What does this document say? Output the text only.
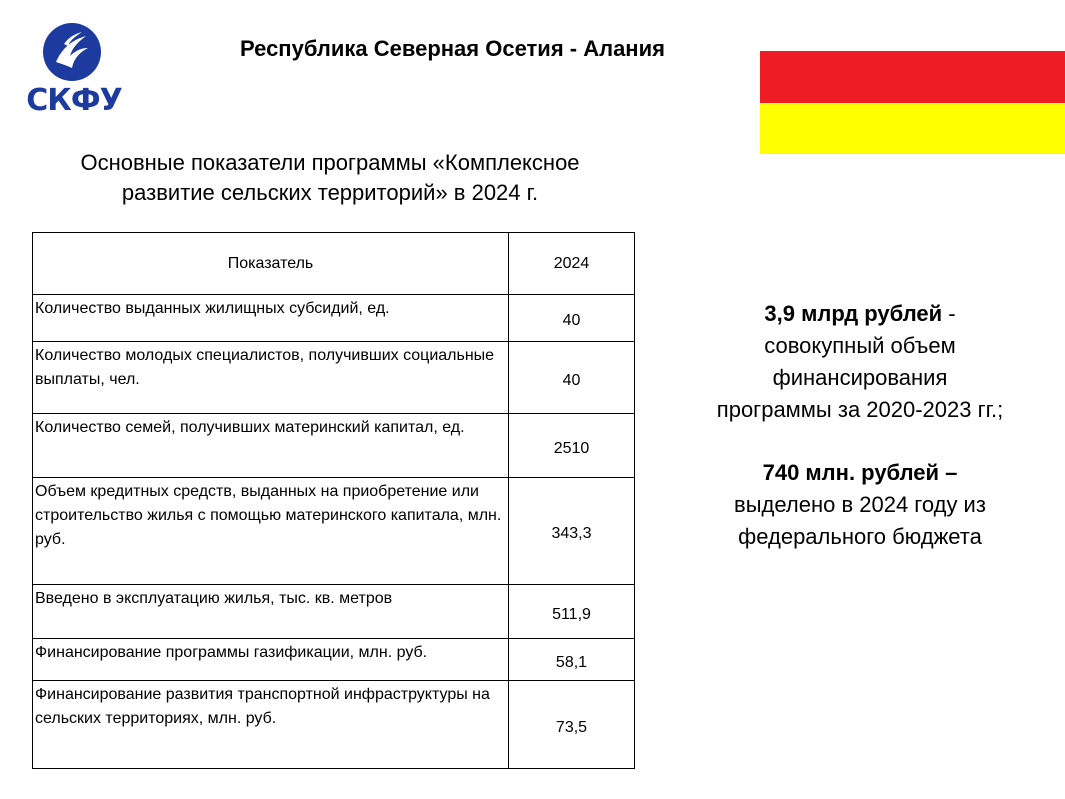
СКФУ
Республика Северная Осетия - Алания
Основные показатели программы «Комплексное
развитие сельских территорий» в 2024 г.
Показатель	2024
Количество выданных жилищных субсидий, ед.	40
Количество молодых специалистов, получивших социальные выплаты, чел.	40
Количество семей, получивших материнский капитал, ед.	2510
Объем кредитных средств, выданных на приобретение или строительство жилья с помощью материнского капитала, млн. руб.	343,3
Введено в эксплуатацию жилья, тыс. кв. метров	511,9
Финансирование программы газификации, млн. руб.	58,1
Финансирование развития транспортной инфраструктуры на сельских территориях, млн. руб.	73,5
3,9 млрд рублей -
совокупный объем
финансирования
программы за 2020-2023 гг.;
740 млн. рублей –
выделено в 2024 году из
федерального бюджета
